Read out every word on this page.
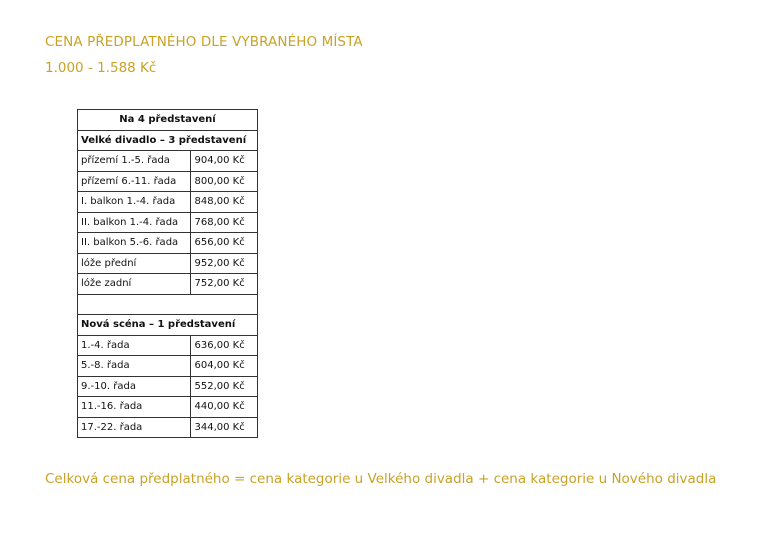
CENA PŘEDPLATNÉHO DLE VYBRANÉHO MÍSTA
1.000 - 1.588 Kč
Na 4 představení	
Velké divadlo – 3 představení	
přízemí 1.-5. řada	904,00 Kč
přízemí 6.-11. řada	800,00 Kč
I. balkon 1.-4. řada	848,00 Kč
II. balkon 1.-4. řada	768,00 Kč
II. balkon 5.-6. řada	656,00 Kč
lóže přední	952,00 Kč
lóže zadní	752,00 Kč

Nová scéna – 1 představení	
1.-4. řada	636,00 Kč
5.-8. řada	604,00 Kč
9.-10. řada	552,00 Kč
11.-16. řada	440,00 Kč
17.-22. řada	344,00 Kč
Celková cena předplatného = cena kategorie u Velkého divadla + cena kategorie u Nového divadla
